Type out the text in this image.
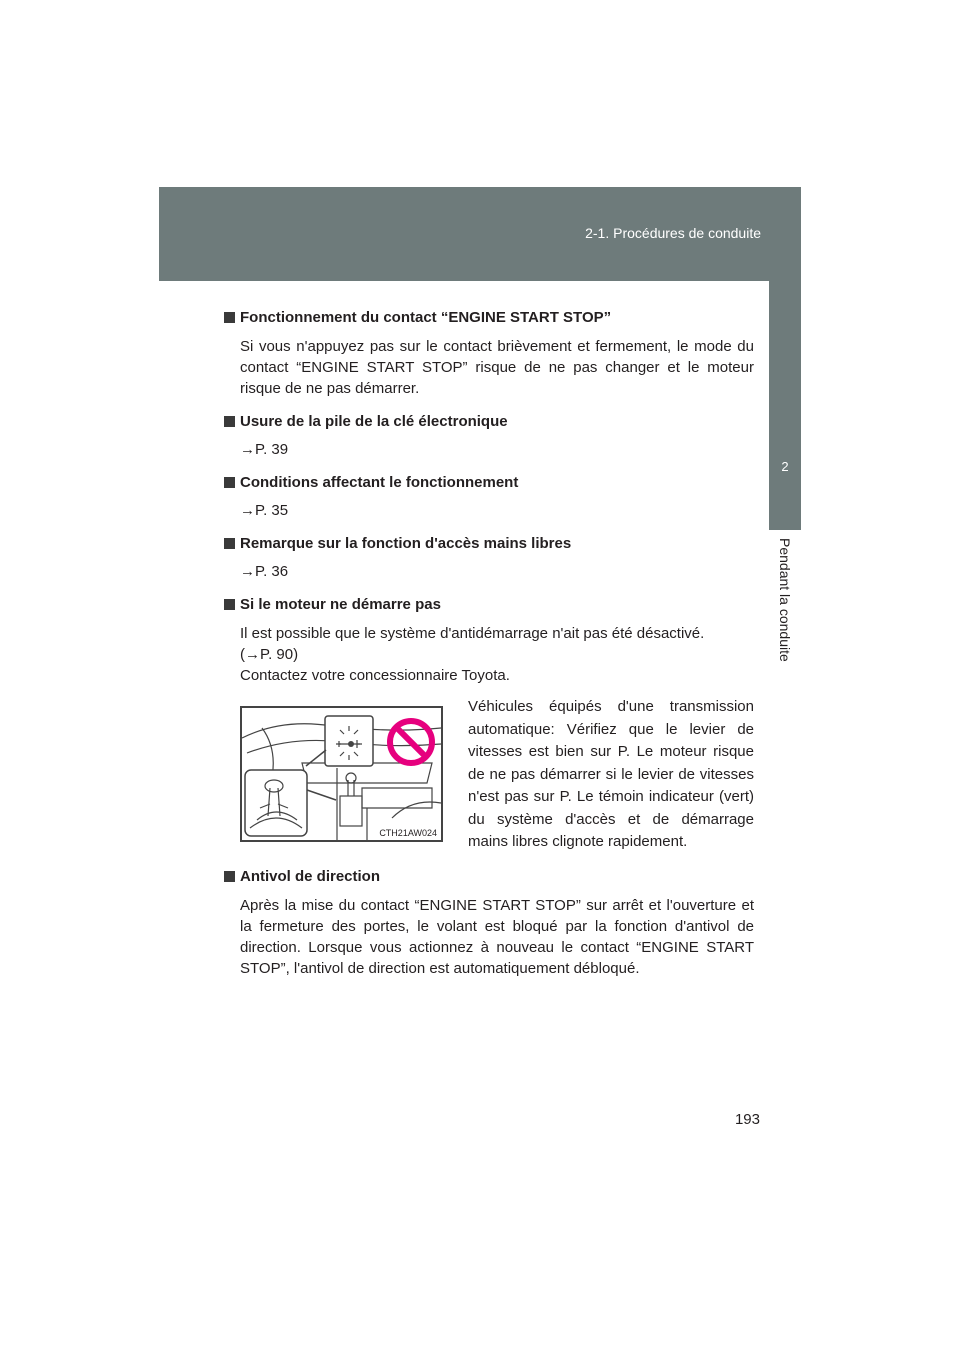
2-1. Procédures de conduite
2
Pendant la conduite

Fonctionnement du contact “ENGINE START STOP”

Si vous n'appuyez pas sur le contact brièvement et fermement, le mode du contact “ENGINE START STOP” risque de ne pas changer et le moteur risque de ne pas démarrer.

Usure de la pile de la clé électronique

→P. 39

Conditions affectant le fonctionnement

→P. 35

Remarque sur la fonction d'accès mains libres

→P. 36

Si le moteur ne démarre pas

Il est possible que le système d'antidémarrage n'ait pas été désactivé.
(→P. 90)
Contactez votre concessionnaire Toyota.

CTH21AW024
Véhicules équipés d'une transmission automatique: Vérifiez que le levier de vitesses est bien sur P. Le moteur risque de ne pas démarrer si le levier de vitesses n'est pas sur P. Le témoin indicateur (vert) du système d'accès et de démarrage mains libres clignote rapidement.

Antivol de direction

Après la mise du contact “ENGINE START STOP” sur arrêt et l'ouverture et la fermeture des portes, le volant est bloqué par la fonction d'antivol de direction. Lorsque vous actionnez à nouveau le contact “ENGINE START STOP”, l'antivol de direction est automatiquement débloqué.

193
